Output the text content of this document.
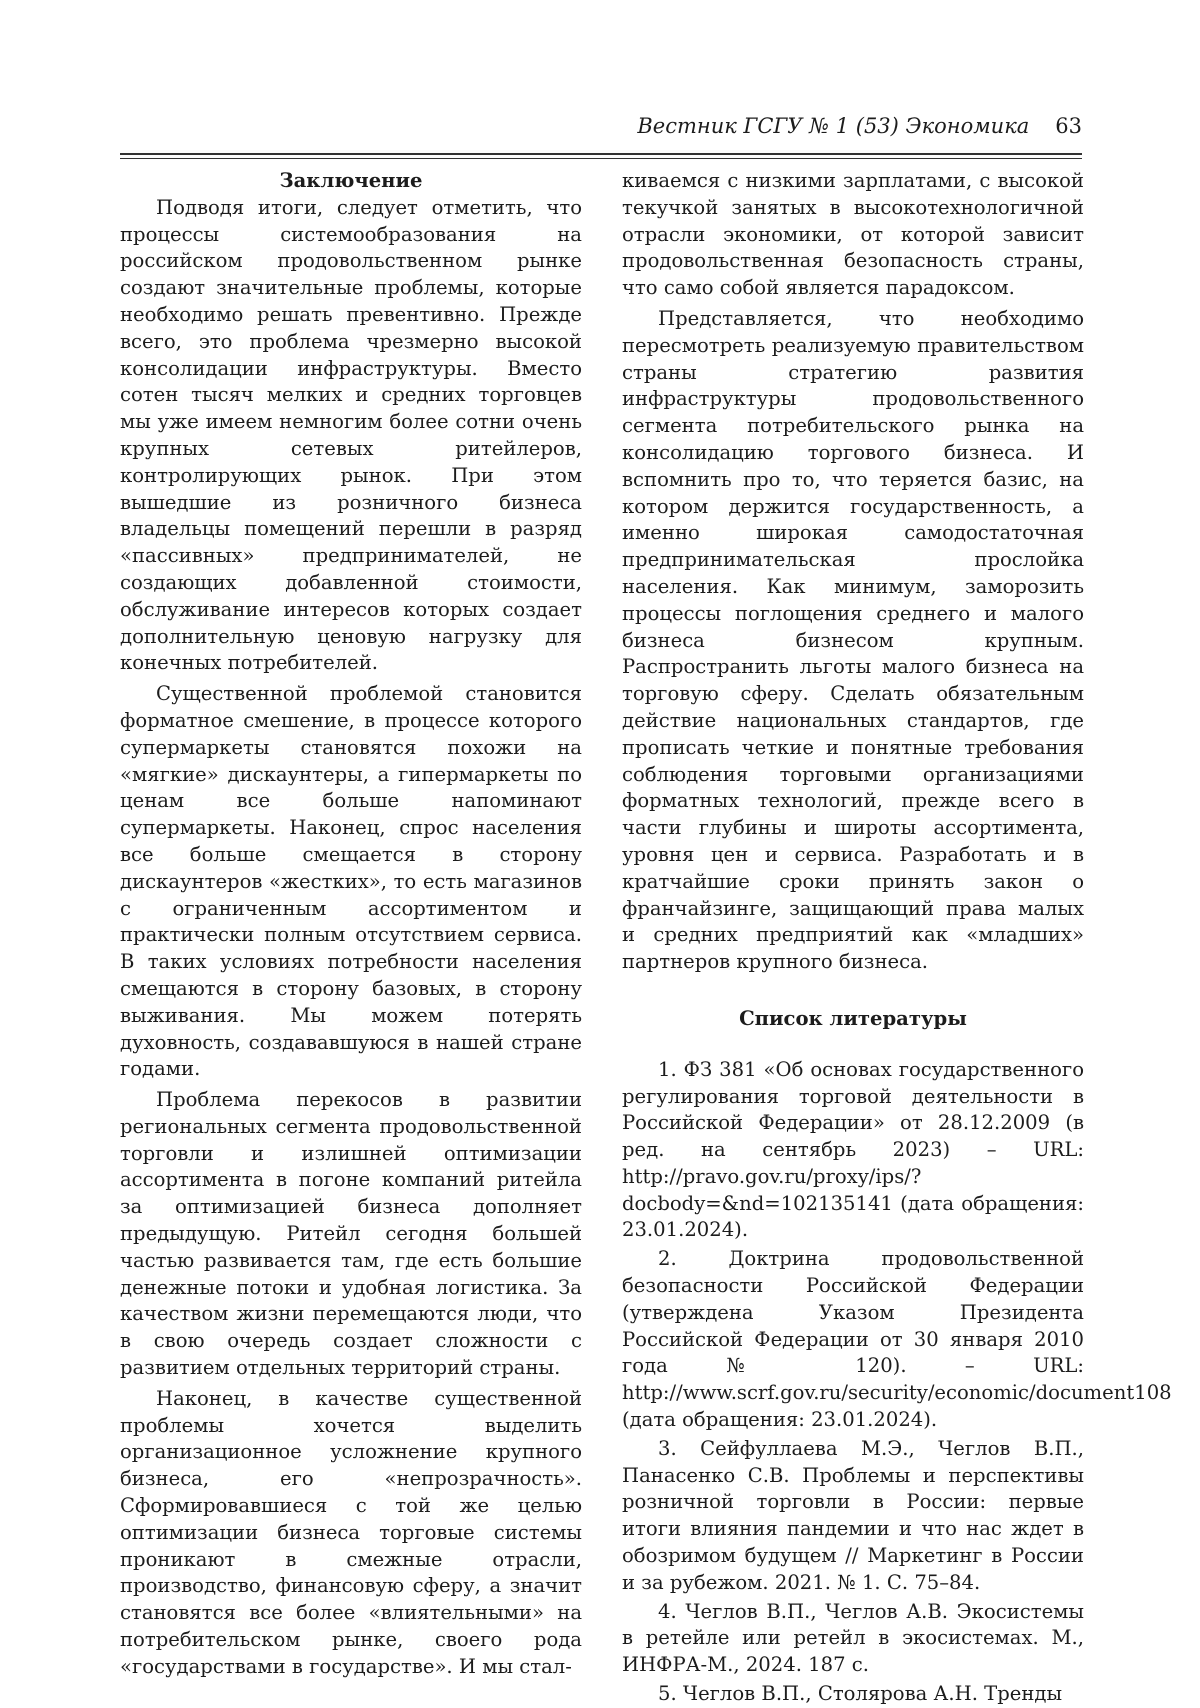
Вестник ГСГУ № 1 (53) Экономика 63
Заключение

Подводя итоги, следует отметить, что процессы системообразования на российском продовольственном рынке создают значительные проблемы, которые необходимо решать превентивно. Прежде всего, это проблема чрезмерно высокой консолидации инфраструктуры. Вместо сотен тысяч мелких и средних торговцев мы уже имеем немногим более сотни очень крупных сетевых ритейлеров, контролирующих рынок. При этом вышедшие из розничного бизнеса владельцы помещений перешли в разряд «пассивных» предпринимателей, не создающих добавленной стоимости, обслуживание интересов которых создает дополнительную ценовую нагрузку для конечных потребителей.

Существенной проблемой становится форматное смешение, в процессе которого супермаркеты становятся похожи на «мягкие» дискаунтеры, а гипермаркеты по ценам все больше напоминают супермаркеты. Наконец, спрос населения все больше смещается в сторону дискаунтеров «жестких», то есть магазинов с ограниченным ассортиментом и практически полным отсутствием сервиса. В таких условиях потребности населения смещаются в сторону базовых, в сторону выживания. Мы можем потерять духовность, создававшуюся в нашей стране годами.

Проблема перекосов в развитии региональных сегмента продовольственной торговли и излишней оптимизации ассортимента в погоне компаний ритейла за оптимизацией бизнеса дополняет предыдущую. Ритейл сегодня большей частью развивается там, где есть большие денежные потоки и удобная логистика. За качеством жизни перемещаются люди, что в свою очередь создает сложности с развитием отдельных территорий страны.

Наконец, в качестве существенной проблемы хочется выделить организационное усложнение крупного бизнеса, его «непрозрачность». Сформировавшиеся с той же целью оптимизации бизнеса торговые системы проникают в смежные отрасли, производство, финансовую сферу, а значит становятся все более «влиятельными» на потребительском рынке, своего рода «государствами в государстве». И мы стал-

киваемся с низкими зарплатами, с высокой текучкой занятых в высокотехнологичной отрасли экономики, от которой зависит продовольственная безопасность страны, что само собой является парадоксом.

Представляется, что необходимо пересмотреть реализуемую правительством страны стратегию развития инфраструктуры продовольственного сегмента потребительского рынка на консолидацию торгового бизнеса. И вспомнить про то, что теряется базис, на котором держится государственность, а именно широкая самодостаточная предпринимательская прослойка населения. Как минимум, заморозить процессы поглощения среднего и малого бизнеса бизнесом крупным. Распространить льготы малого бизнеса на торговую сферу. Сделать обязательным действие национальных стандартов, где прописать четкие и понятные требования соблюдения торговыми организациями форматных технологий, прежде всего в части глубины и широты ассортимента, уровня цен и сервиса. Разработать и в кратчайшие сроки принять закон о франчайзинге, защищающий права малых и средних предприятий как «младших» партнеров крупного бизнеса.

Список литературы

1. ФЗ 381 «Об основах государственного регулирования торговой деятельности в Российской Федерации» от 28.12.2009 (в ред. на сентябрь 2023) – URL: http://pravo.gov.ru/proxy/ips/?docbody=&nd=102135141 (дата обращения: 23.01.2024).

2. Доктрина продовольственной безопасности Российской Федерации (утверждена Указом Президента Российской Федерации от 30 января 2010 года № 120). – URL: http://www.scrf.gov.ru/security/economic/document108 (дата обращения: 23.01.2024).

3. Сейфуллаева М.Э., Чеглов В.П., Панасенко С.В. Проблемы и перспективы розничной торговли в России: первые итоги влияния пандемии и что нас ждет в обозримом будущем // Маркетинг в России и за рубежом. 2021. № 1. С. 75–84.

4. Чеглов В.П., Чеглов А.В. Экосистемы в ретейле или ретейл в экосистемах. М., ИНФРА-М., 2024. 187 с.

5. Чеглов В.П., Столярова А.Н. Тренды
